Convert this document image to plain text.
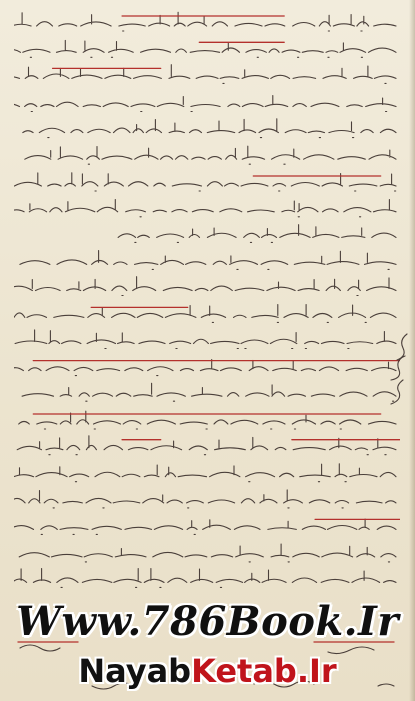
Www.786Book.Ir
NayabKetab.Ir
